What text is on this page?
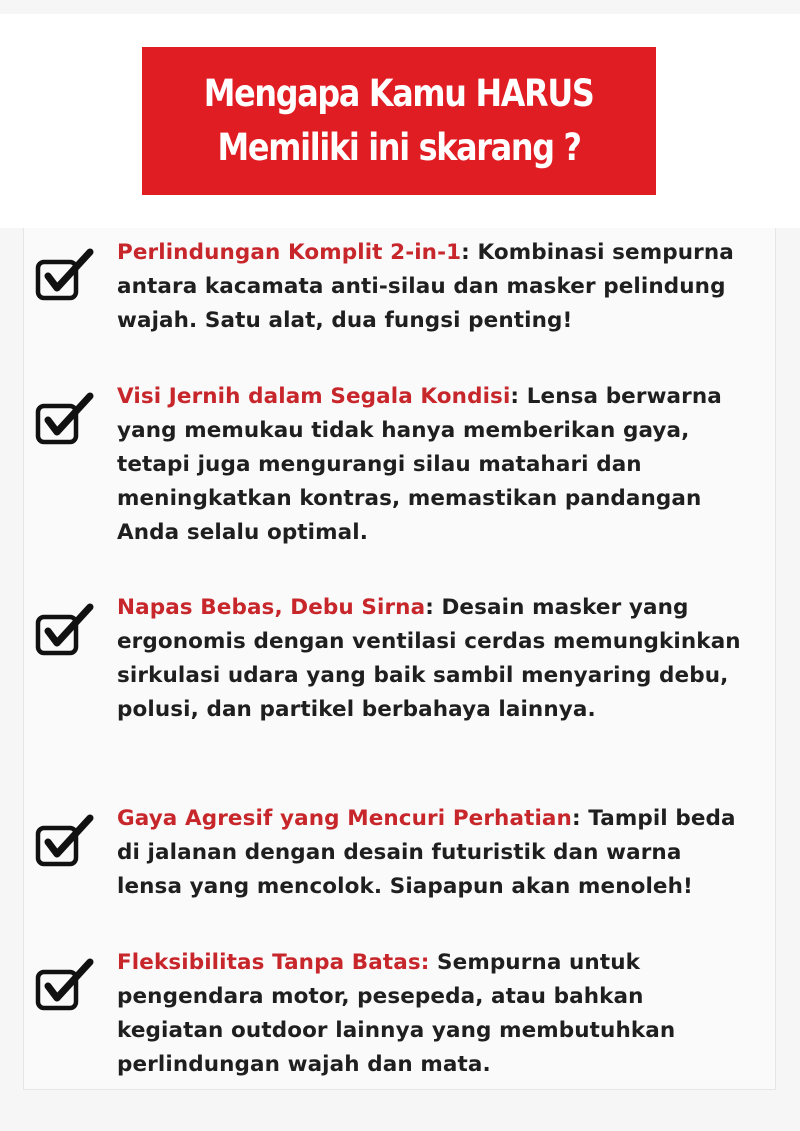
Mengapa Kamu HARUS
Memiliki ini skarang ?
Perlindungan Komplit 2-in-1: Kombinasi sempurna antara kacamata anti-silau dan masker pelindung wajah. Satu alat, dua fungsi penting!
Visi Jernih dalam Segala Kondisi: Lensa berwarna yang memukau tidak hanya memberikan gaya, tetapi juga mengurangi silau matahari dan meningkatkan kontras, memastikan pandangan Anda selalu optimal.
Napas Bebas, Debu Sirna: Desain masker yang ergonomis dengan ventilasi cerdas memungkinkan sirkulasi udara yang baik sambil menyaring debu, polusi, dan partikel berbahaya lainnya.
Gaya Agresif yang Mencuri Perhatian: Tampil beda di jalanan dengan desain futuristik dan warna lensa yang mencolok. Siapapun akan menoleh!
Fleksibilitas Tanpa Batas: Sempurna untuk pengendara motor, pesepeda, atau bahkan kegiatan outdoor lainnya yang membutuhkan perlindungan wajah dan mata.
